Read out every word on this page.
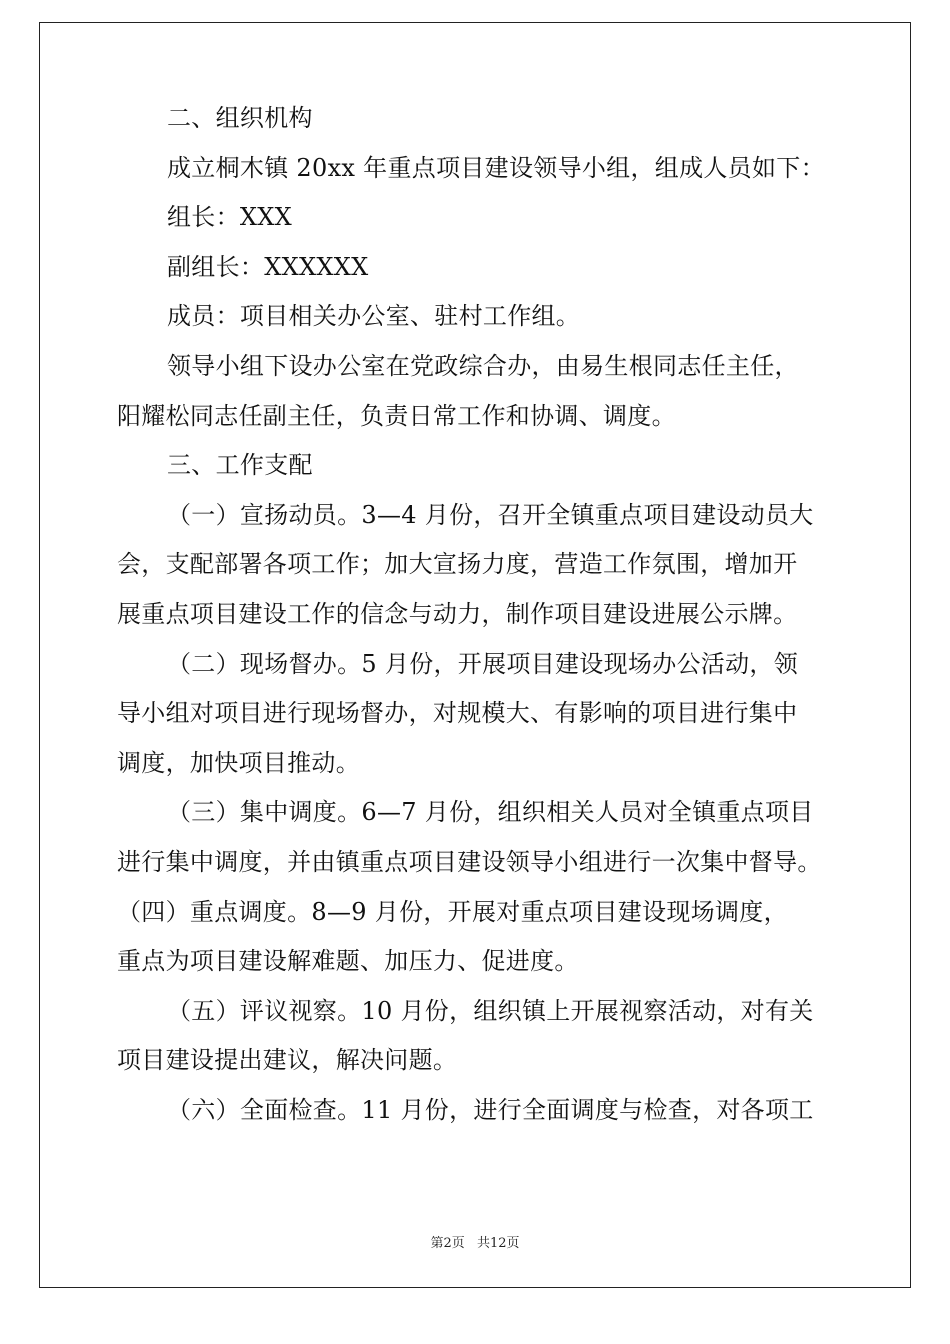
二、组织机构

成立桐木镇 20xx 年重点项目建设领导小组，组成人员如下：

组长：XXX

副组长：XXXXXX

成员：项目相关办公室、驻村工作组。

领导小组下设办公室在党政综合办，由易生根同志任主任，

阳耀松同志任副主任，负责日常工作和协调、调度。

三、工作支配

（一）宣扬动员。3—4 月份，召开全镇重点项目建设动员大

会，支配部署各项工作；加大宣扬力度，营造工作氛围，增加开

展重点项目建设工作的信念与动力，制作项目建设进展公示牌。

（二）现场督办。5 月份，开展项目建设现场办公活动，领

导小组对项目进行现场督办，对规模大、有影响的项目进行集中

调度，加快项目推动。

（三）集中调度。6—7 月份，组织相关人员对全镇重点项目

进行集中调度，并由镇重点项目建设领导小组进行一次集中督导。

（四）重点调度。8—9 月份，开展对重点项目建设现场调度，

重点为项目建设解难题、加压力、促进度。

（五）评议视察。10 月份，组织镇上开展视察活动，对有关

项目建设提出建议，解决问题。

（六）全面检查。11 月份，进行全面调度与检查，对各项工

第2页 共12页
